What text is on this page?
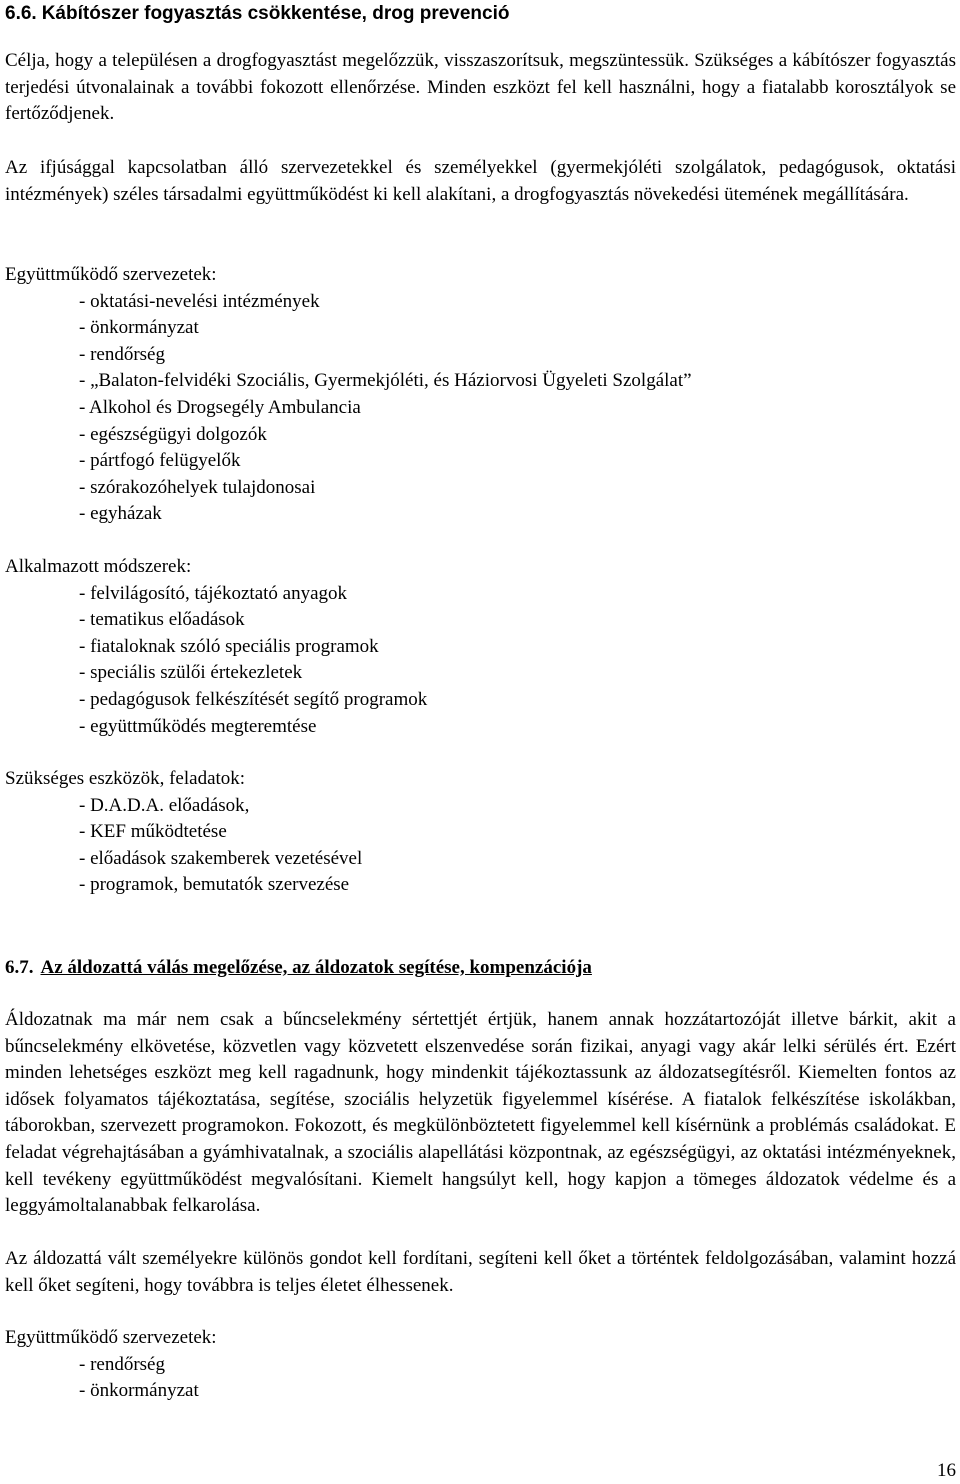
6.6. Kábítószer fogyasztás csökkentése, drog prevenció

Célja, hogy a településen a drogfogyasztást megelőzzük, visszaszorítsuk, megszüntessük. Szükséges a kábítószer fogyasztás terjedési útvonalainak a további fokozott ellenőrzése. Minden eszközt fel kell használni, hogy a fiatalabb korosztályok se fertőződjenek.

Az ifjúsággal kapcsolatban álló szervezetekkel és személyekkel (gyermekjóléti szolgálatok, pedagógusok, oktatási intézmények) széles társadalmi együttműködést ki kell alakítani, a drogfogyasztás növekedési ütemének megállítására.

Együttműködő szervezetek:
- oktatási-nevelési intézmények
- önkormányzat
- rendőrség
- „Balaton-felvidéki Szociális, Gyermekjóléti, és Háziorvosi Ügyeleti Szolgálat”
- Alkohol és Drogsegély Ambulancia
- egészségügyi dolgozók
- pártfogó felügyelők
- szórakozóhelyek tulajdonosai
- egyházak
Alkalmazott módszerek:
- felvilágosító, tájékoztató anyagok
- tematikus előadások
- fiataloknak szóló speciális programok
- speciális szülői értekezletek
- pedagógusok felkészítését segítő programok
- együttműködés megteremtése
Szükséges eszközök, feladatok:
- D.A.D.A. előadások,
- KEF működtetése
- előadások szakemberek vezetésével
- programok, bemutatók szervezése
6.7. Az áldozattá válás megelőzése, az áldozatok segítése, kompenzációja

Áldozatnak ma már nem csak a bűncselekmény sértettjét értjük, hanem annak hozzátartozóját illetve bárkit, akit a bűncselekmény elkövetése, közvetlen vagy közvetett elszenvedése során fizikai, anyagi vagy akár lelki sérülés ért. Ezért minden lehetséges eszközt meg kell ragadnunk, hogy mindenkit tájékoztassunk az áldozatsegítésről. Kiemelten fontos az idősek folyamatos tájékoztatása, segítése, szociális helyzetük figyelemmel kísérése. A fiatalok felkészítése iskolákban, táborokban, szervezett programokon. Fokozott, és megkülönböztetett figyelemmel kell kísérnünk a problémás családokat. E feladat végrehajtásában a gyámhivatalnak, a szociális alapellátási központnak, az egészségügyi, az oktatási intézményeknek, kell tevékeny együttműködést megvalósítani. Kiemelt hangsúlyt kell, hogy kapjon a tömeges áldozatok védelme és a leggyámoltalanabbak felkarolása.

Az áldozattá vált személyekre különös gondot kell fordítani, segíteni kell őket a történtek feldolgozásában, valamint hozzá kell őket segíteni, hogy továbbra is teljes életet élhessenek.

Együttműködő szervezetek:
- rendőrség
- önkormányzat
16
